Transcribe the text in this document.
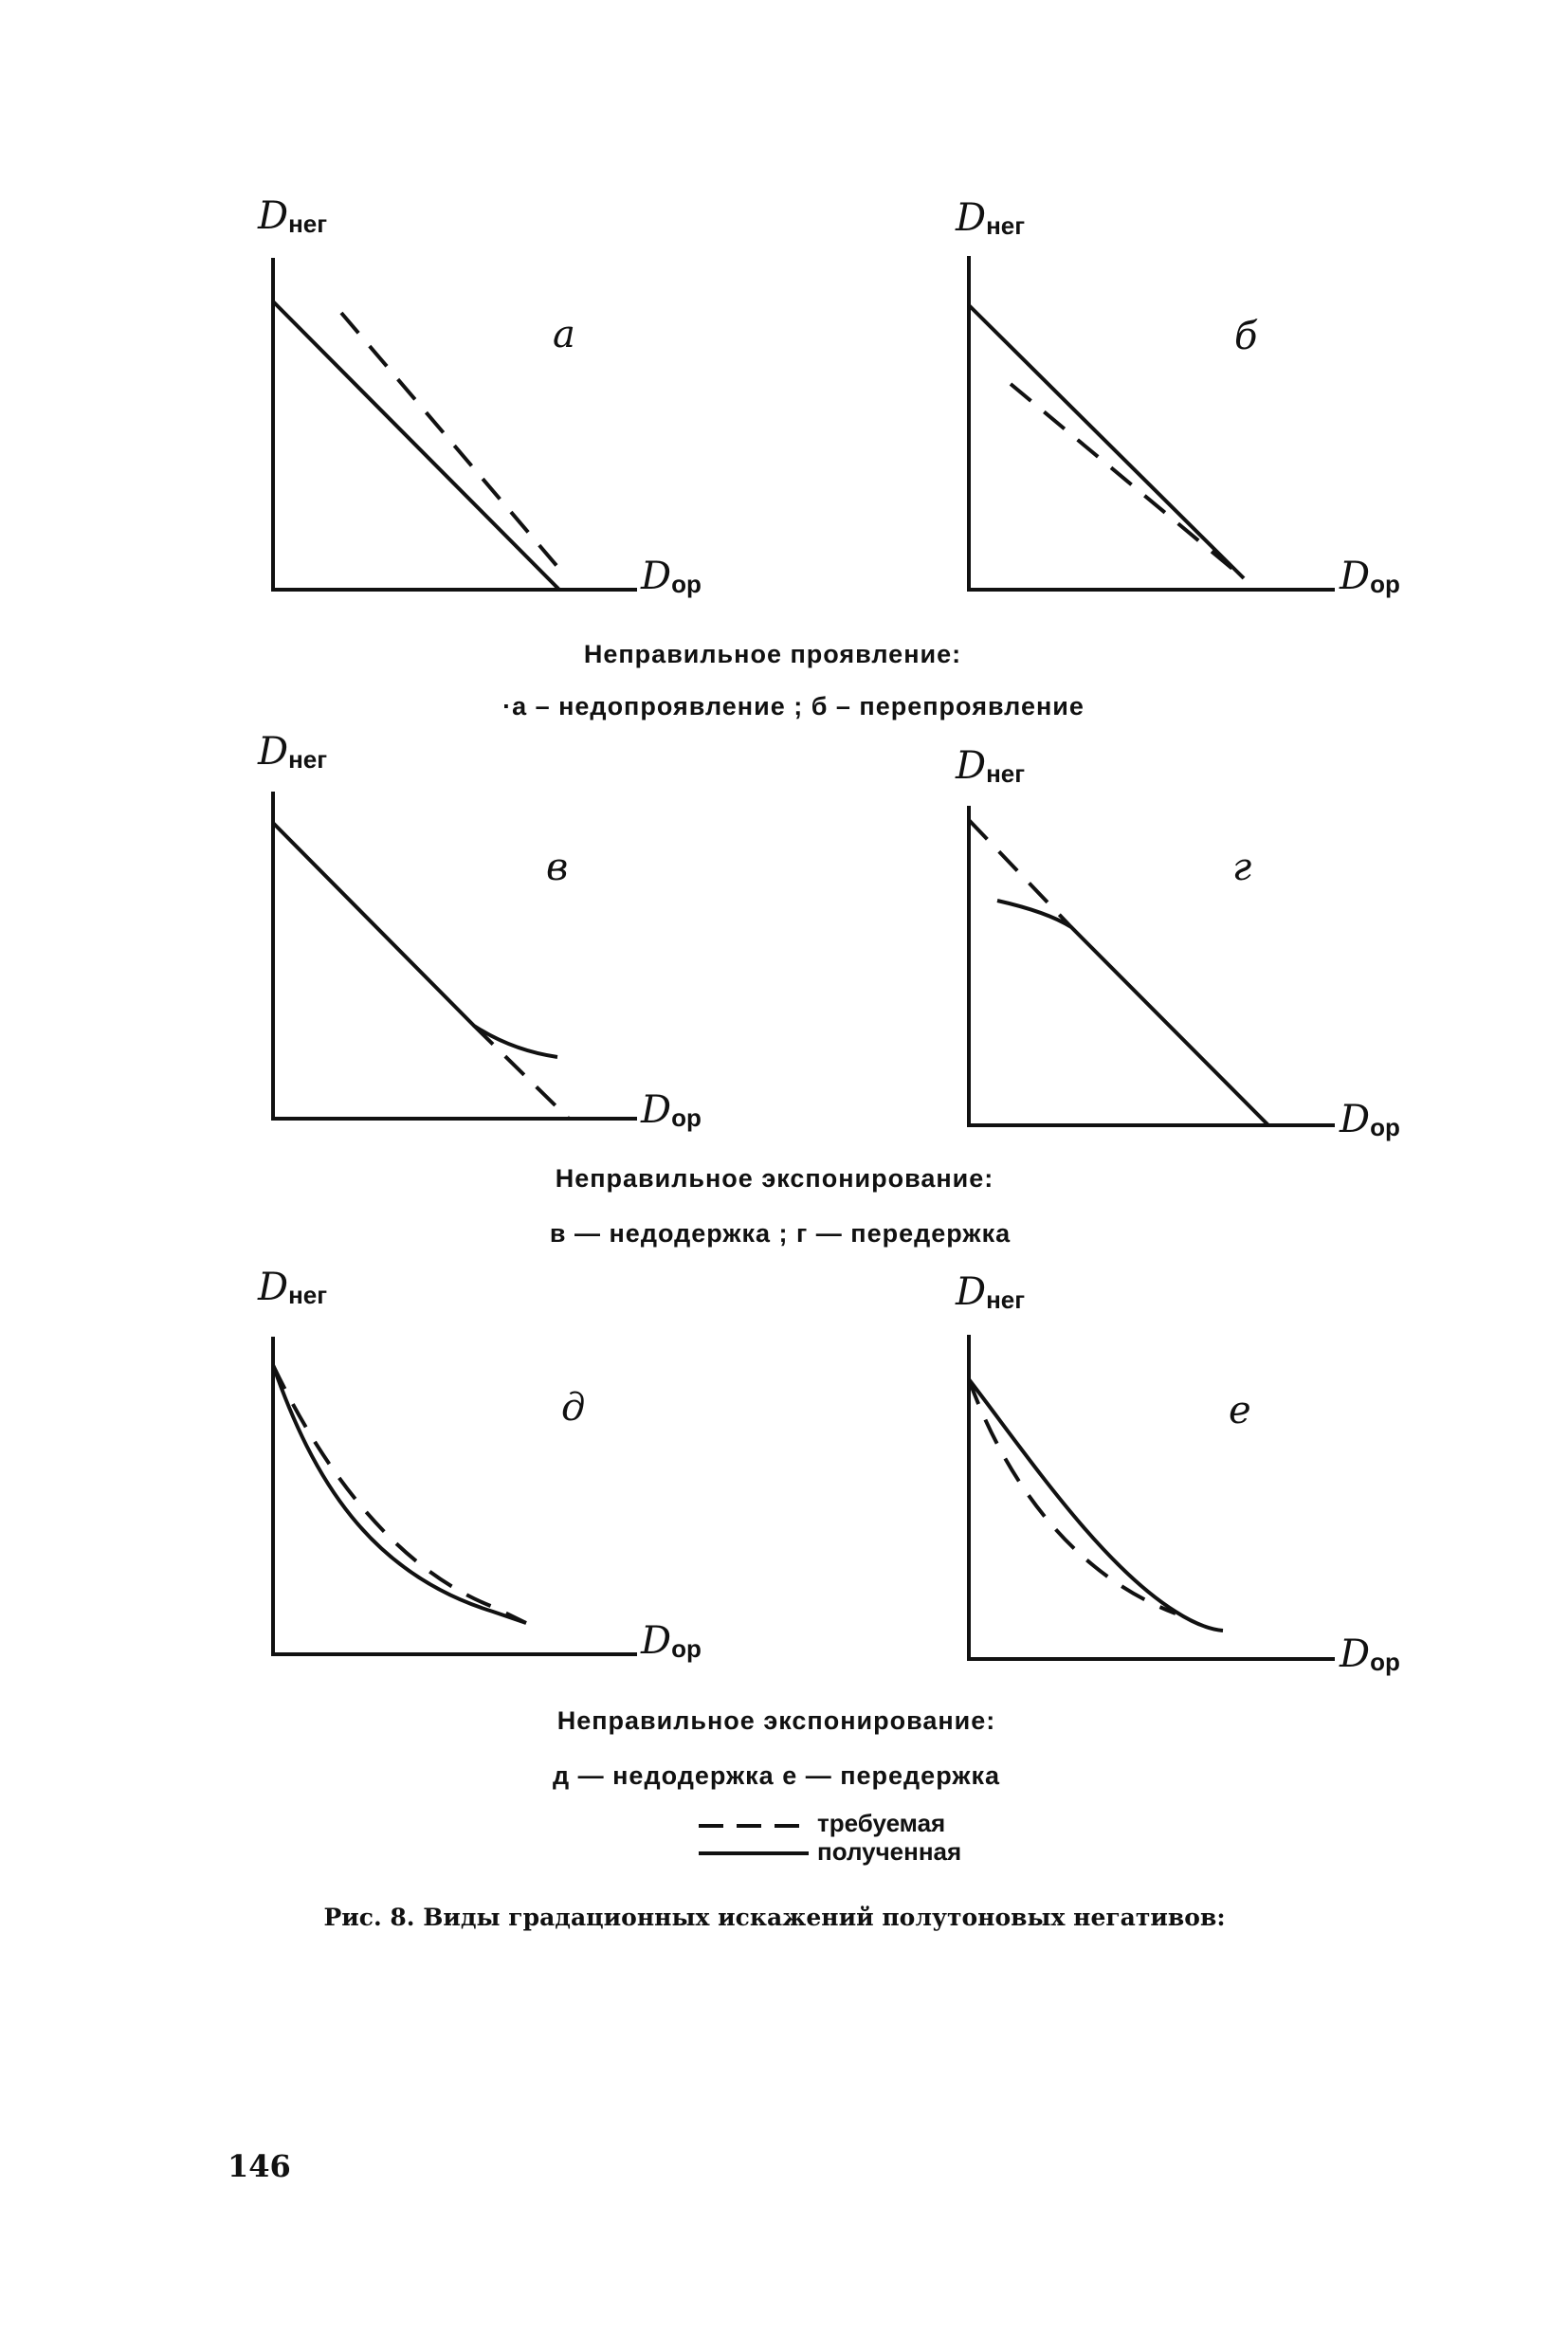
Dнег
а
Dор
Dнег
б
Dор
Неправильное проявление:
·а – недопроявление ; б – перепроявление
Dнег
в
Dор
Dнег
г
Dор
Неправильное экспонирование:
в — недодержка ; г — передержка
Dнег
д
Dор
Dнег
е
Dор
Неправильное экспонирование:
д — недодержка е — передержка
требуемая
полученная
Рис. 8. Виды градационных искажений полутоновых негативов:
146
